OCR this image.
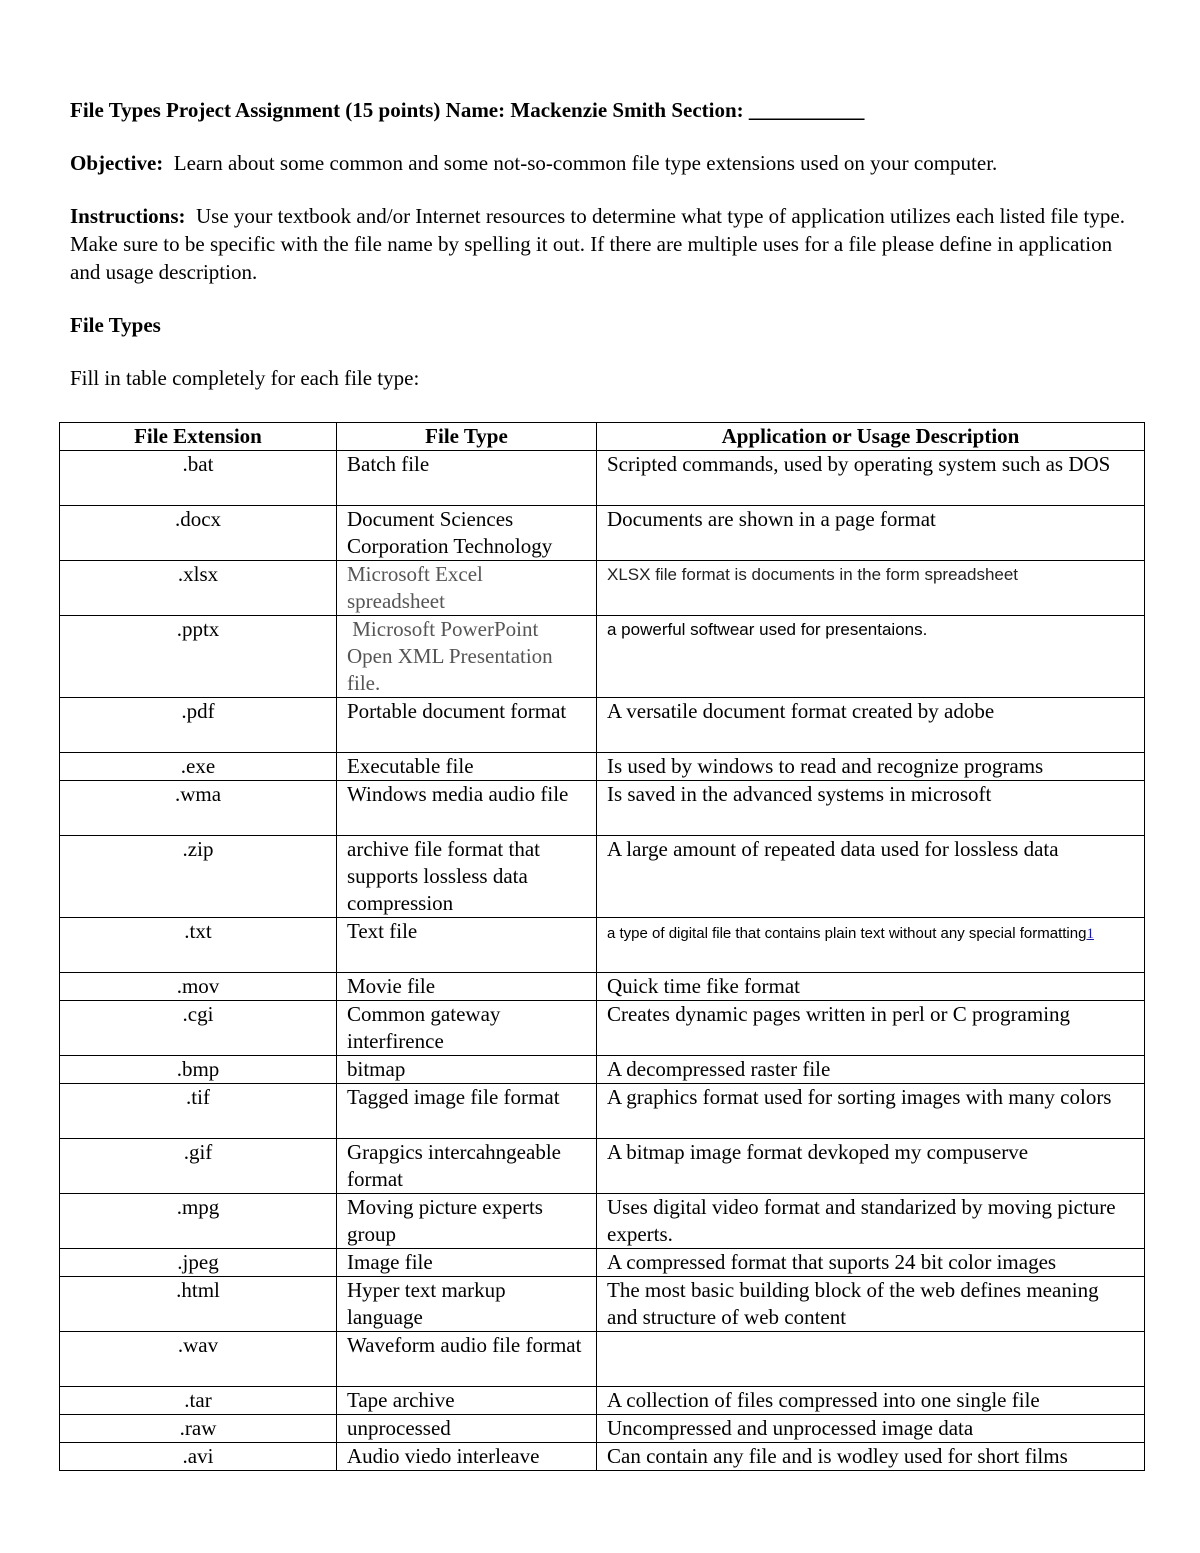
File Types Project Assignment (15 points) Name: Mackenzie Smith Section: ___________

Objective:  Learn about some common and some not-so-common file type extensions used on your computer.

Instructions:  Use your textbook and/or Internet resources to determine what type of application utilizes each listed file type.  Make sure to be specific with the file name by spelling it out. If there are multiple uses for a file please define in application and usage description.

File Types

Fill in table completely for each file type:

File Extension	File Type	Application or Usage Description
.bat	Batch file	Scripted commands, used by operating system such as DOS
.docx	Document Sciences Corporation Technology	Documents are shown in a page format
.xlsx	Microsoft Excel spreadsheet	XLSX file format is documents in the form spreadsheet
.pptx	Microsoft PowerPoint Open XML Presentation file.	a powerful softwear used for presentaions.
.pdf	Portable document format	A versatile document format created by adobe
.exe	Executable file	Is used by windows to read and recognize programs
.wma	Windows media audio file	Is saved in the advanced systems in microsoft
.zip	archive file format that supports lossless data compression	A large amount of repeated data used for lossless data
.txt	Text file	a type of digital file that contains plain text without any special formatting1
.mov	Movie file	Quick time fike format
.cgi	Common gateway interfirence	Creates dynamic pages written in perl or C programing
.bmp	bitmap	A decompressed raster file
.tif	Tagged image file format	A graphics format used for sorting images with many colors
.gif	Grapgics intercahngeable format	A bitmap image format devkoped my compuserve
.mpg	Moving picture experts group	Uses digital video format and standarized by moving picture experts.
.jpeg	Image file	A compressed format that suports 24 bit color images
.html	Hyper text markup language	The most basic building block of the web defines meaning and structure of web content
.wav	Waveform audio file format	
.tar	Tape archive	A collection of files compressed into one single file
.raw	unprocessed	Uncompressed and unprocessed image data
.avi	Audio viedo interleave	Can contain any file and is wodley used for short films
